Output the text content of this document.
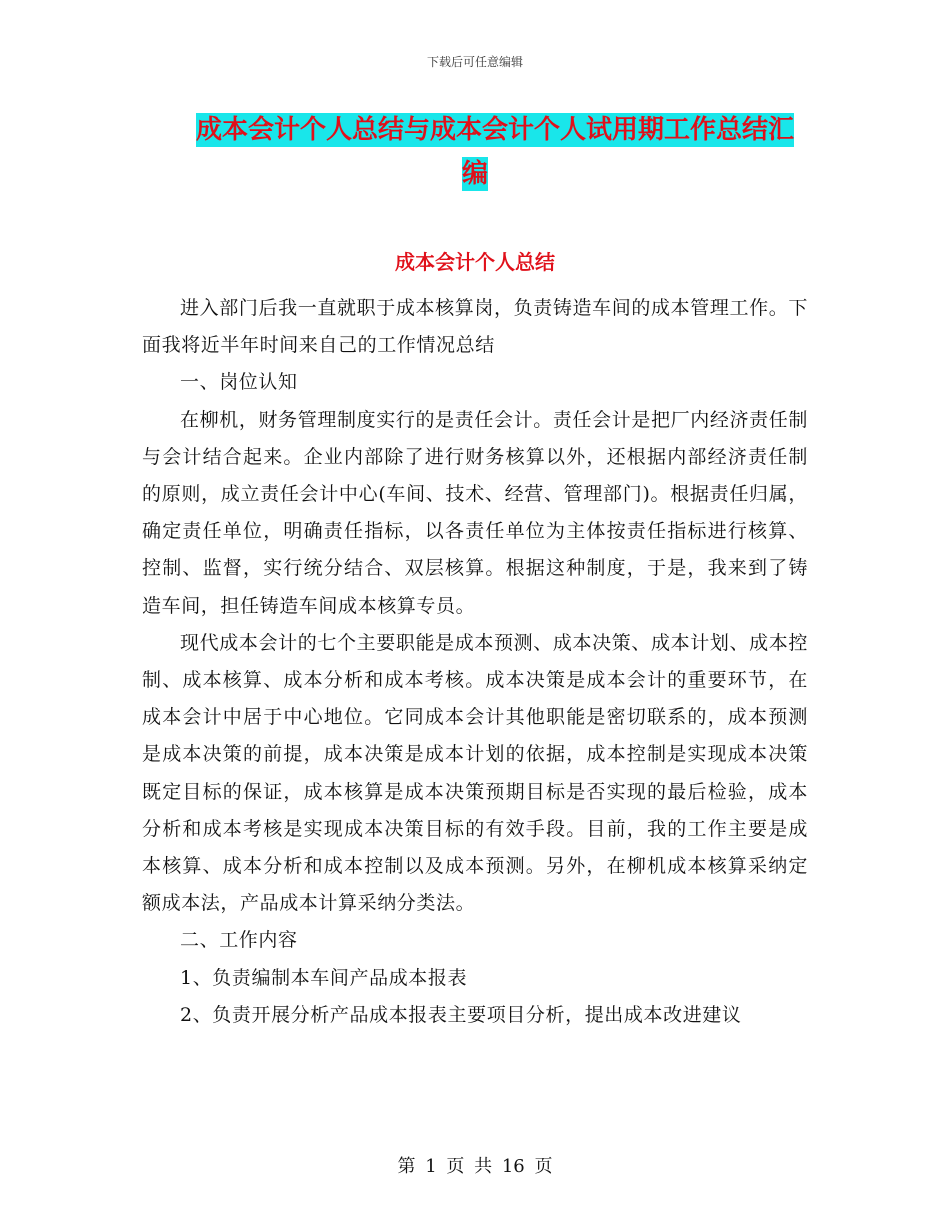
下载后可任意编辑
成本会计个人总结与成本会计个人试用期工作总结汇
编
成本会计个人总结

进入部门后我一直就职于成本核算岗，负责铸造车间的成本管理工作。下面我将近半年时间来自己的工作情况总结

一、岗位认知

在柳机，财务管理制度实行的是责任会计。责任会计是把厂内经济责任制与会计结合起来。企业内部除了进行财务核算以外，还根据内部经济责任制的原则，成立责任会计中心(车间、技术、经营、管理部门)。根据责任归属，确定责任单位，明确责任指标，以各责任单位为主体按责任指标进行核算、控制、监督，实行统分结合、双层核算。根据这种制度，于是，我来到了铸造车间，担任铸造车间成本核算专员。

现代成本会计的七个主要职能是成本预测、成本决策、成本计划、成本控制、成本核算、成本分析和成本考核。成本决策是成本会计的重要环节，在成本会计中居于中心地位。它同成本会计其他职能是密切联系的，成本预测是成本决策的前提，成本决策是成本计划的依据，成本控制是实现成本决策既定目标的保证，成本核算是成本决策预期目标是否实现的最后检验，成本分析和成本考核是实现成本决策目标的有效手段。目前，我的工作主要是成本核算、成本分析和成本控制以及成本预测。另外，在柳机成本核算采纳定额成本法，产品成本计算采纳分类法。

二、工作内容

1、负责编制本车间产品成本报表

2、负责开展分析产品成本报表主要项目分析，提出成本改进建议

第 1 页 共 16 页
